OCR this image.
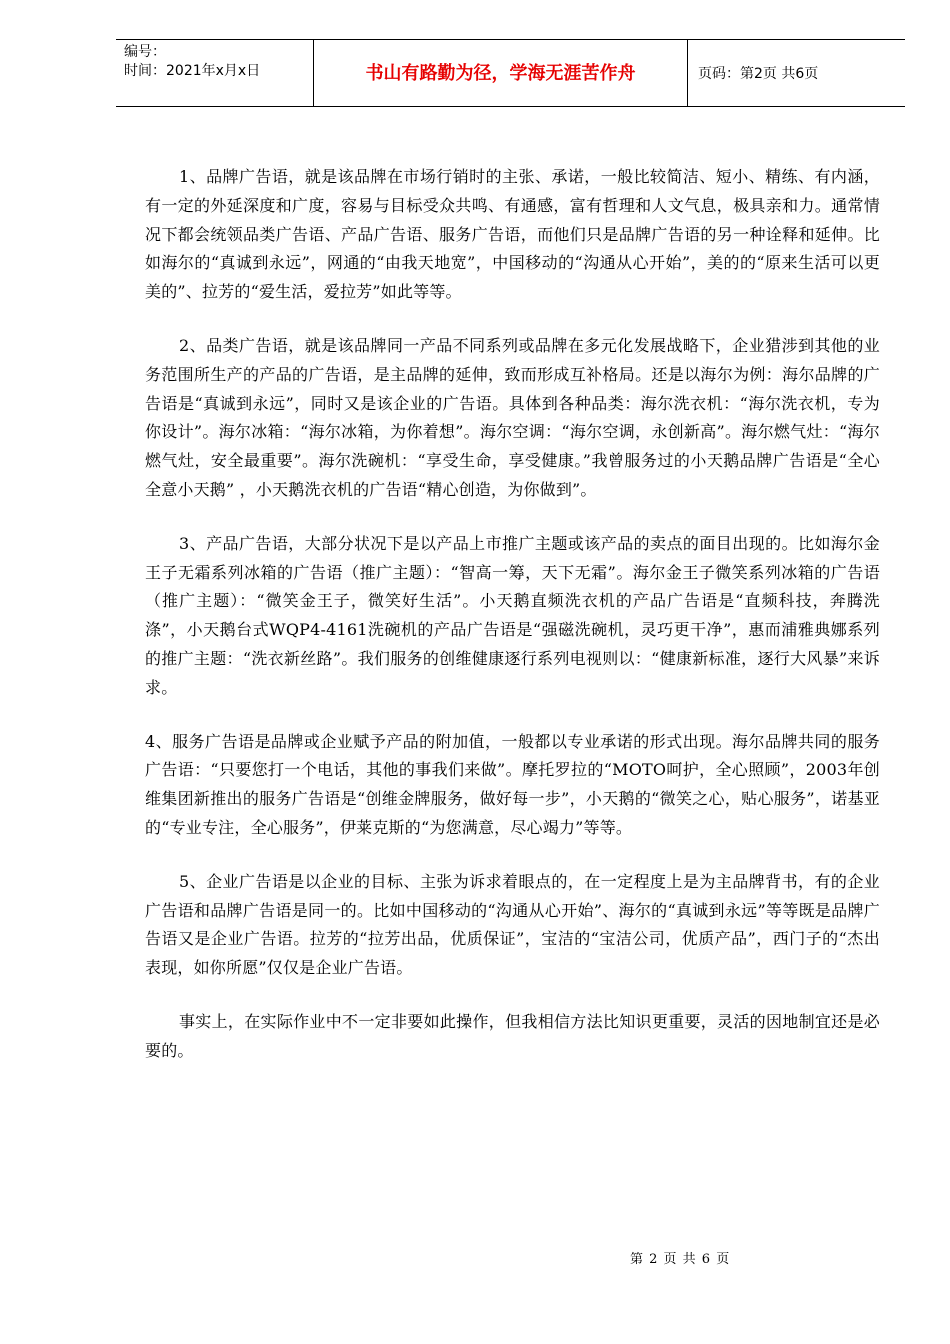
编号：
时间：2021年x月x日	书山有路勤为径，学海无涯苦作舟	页码：第2页 共6页

1、品牌广告语，就是该品牌在市场行销时的主张、承诺，一般比较简洁、短小、精练、有内涵，有一定的外延深度和广度，容易与目标受众共鸣、有通感，富有哲理和人文气息，极具亲和力。通常情况下都会统领品类广告语、产品广告语、服务广告语，而他们只是品牌广告语的另一种诠释和延伸。比如海尔的“真诚到永远”，网通的“由我天地宽”，中国移动的“沟通从心开始”，美的的“原来生活可以更美的”、拉芳的“爱生活，爱拉芳”如此等等。

2、品类广告语，就是该品牌同一产品不同系列或品牌在多元化发展战略下，企业猎涉到其他的业务范围所生产的产品的广告语，是主品牌的延伸，致而形成互补格局。还是以海尔为例：海尔品牌的广告语是“真诚到永远”，同时又是该企业的广告语。具体到各种品类：海尔洗衣机：“海尔洗衣机，专为你设计”。海尔冰箱：“海尔冰箱，为你着想”。海尔空调：“海尔空调，永创新高”。海尔燃气灶：“海尔燃气灶，安全最重要”。海尔洗碗机：“享受生命，享受健康。”我曾服务过的小天鹅品牌广告语是“全心全意小天鹅” ，小天鹅洗衣机的广告语“精心创造，为你做到”。

3、产品广告语，大部分状况下是以产品上市推广主题或该产品的卖点的面目出现的。比如海尔金王子无霜系列冰箱的广告语（推广主题）：“智高一筹，天下无霜”。海尔金王子微笑系列冰箱的广告语（推广主题）：“微笑金王子，微笑好生活”。小天鹅直频洗衣机的产品广告语是“直频科技，奔腾洗涤”，小天鹅台式WQP4-4161洗碗机的产品广告语是“强磁洗碗机，灵巧更干净”，惠而浦雅典娜系列的推广主题：“洗衣新丝路”。我们服务的创维健康逐行系列电视则以：“健康新标准，逐行大风暴”来诉求。

4、服务广告语是品牌或企业赋予产品的附加值，一般都以专业承诺的形式出现。海尔品牌共同的服务广告语：“只要您打一个电话，其他的事我们来做”。摩托罗拉的“MOTO呵护，全心照顾”，2003年创维集团新推出的服务广告语是“创维金牌服务，做好每一步”，小天鹅的“微笑之心，贴心服务”，诺基亚的“专业专注，全心服务”，伊莱克斯的“为您满意，尽心竭力”等等。

5、企业广告语是以企业的目标、主张为诉求着眼点的，在一定程度上是为主品牌背书，有的企业广告语和品牌广告语是同一的。比如中国移动的“沟通从心开始”、海尔的“真诚到永远”等等既是品牌广告语又是企业广告语。拉芳的“拉芳出品，优质保证”，宝洁的“宝洁公司，优质产品”，西门子的“杰出表现，如你所愿”仅仅是企业广告语。

事实上，在实际作业中不一定非要如此操作，但我相信方法比知识更重要，灵活的因地制宜还是必要的。

第 2 页 共 6 页
